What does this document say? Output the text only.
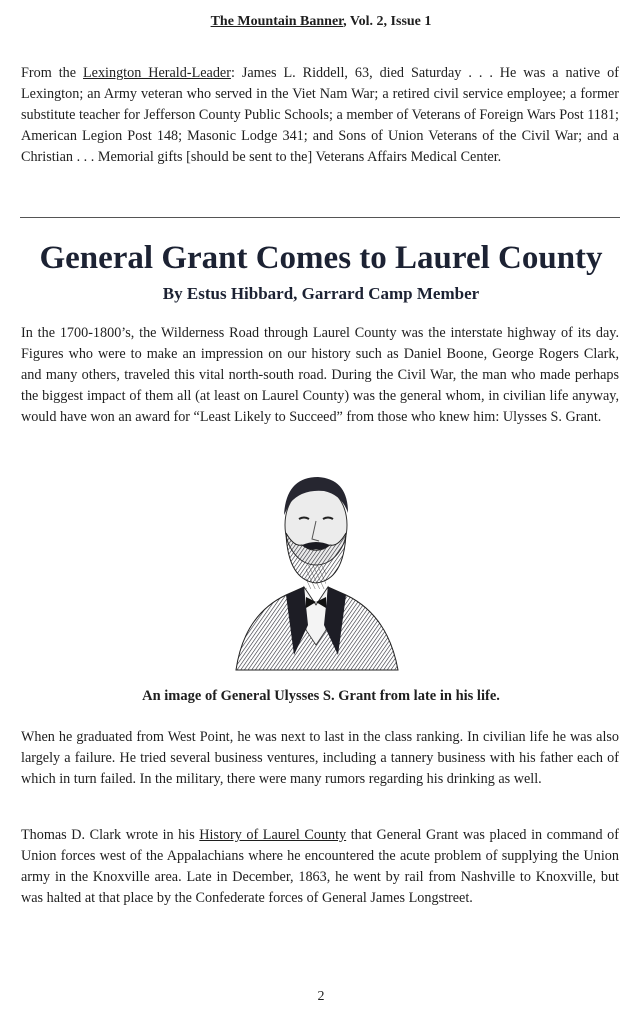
The Mountain Banner, Vol. 2, Issue 1

From the Lexington Herald-Leader: James L. Riddell, 63, died Saturday . . . He was a native of Lexington; an Army veteran who served in the Viet Nam War; a retired civil service employee; a former substitute teacher for Jefferson County Public Schools; a member of Veterans of Foreign Wars Post 1181; American Legion Post 148; Masonic Lodge 341; and Sons of Union Veterans of the Civil War; and a Christian . . . Memorial gifts [should be sent to the] Veterans Affairs Medical Center.

General Grant Comes to Laurel County
By Estus Hibbard, Garrard Camp Member

In the 1700-1800’s, the Wilderness Road through Laurel County was the interstate highway of its day. Figures who were to make an impression on our history such as Daniel Boone, George Rogers Clark, and many others, traveled this vital north-south road. During the Civil War, the man who made perhaps the biggest impact of them all (at least on Laurel County) was the general whom, in civilian life anyway, would have won an award for “Least Likely to Succeed” from those who knew him: Ulysses S. Grant.

An image of General Ulysses S. Grant from late in his life.

When he graduated from West Point, he was next to last in the class ranking. In civilian life he was also largely a failure. He tried several business ventures, including a tannery business with his father each of which in turn failed. In the military, there were many rumors regarding his drinking as well.

Thomas D. Clark wrote in his History of Laurel County that General Grant was placed in command of Union forces west of the Appalachians where he encountered the acute problem of supplying the Union army in the Knoxville area. Late in December, 1863, he went by rail from Nashville to Knoxville, but was halted at that place by the Confederate forces of General James Longstreet.

2
